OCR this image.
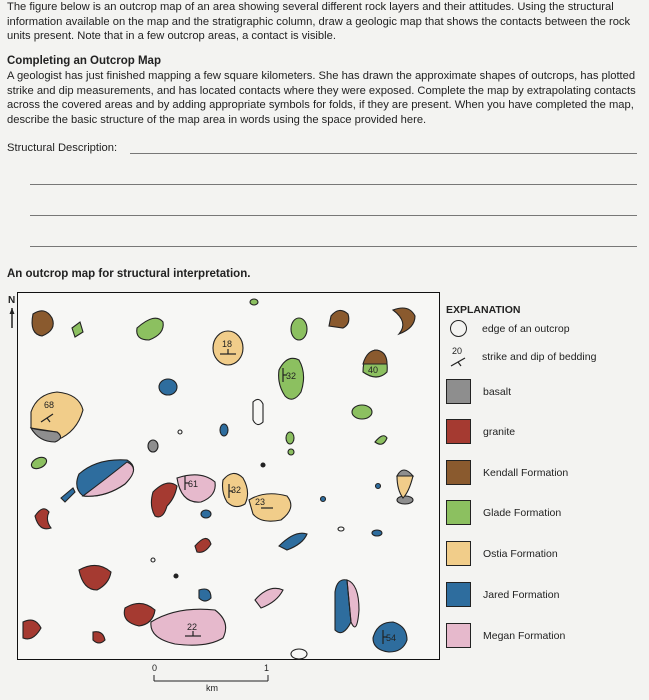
The figure below is an outcrop map of an area showing several different rock layers and their attitudes. Using the structural information available on the map and the stratigraphic column, draw a geologic map that shows the contacts between the rock units present. Note that in a few outcrop areas, a contact is visible.

Completing an Outcrop Map

A geologist has just finished mapping a few square kilometers. She has drawn the approximate shapes of outcrops, has plotted strike and dip measurements, and has located contacts where they were exposed. Complete the map by extrapolating contacts across the covered areas and by adding appropriate symbols for folds, if they are present. When you have completed the map, describe the basic structure of the map area in words using the space provided here.

Structural Description:
An outcrop map for structural interpretation.
N
18
32
40
68
61
32
23
22
54
0	1
km
EXPLANATION
edge of an outcrop
20 strike and dip of bedding
basalt
granite
Kendall Formation
Glade Formation
Ostia Formation
Jared Formation
Megan Formation
